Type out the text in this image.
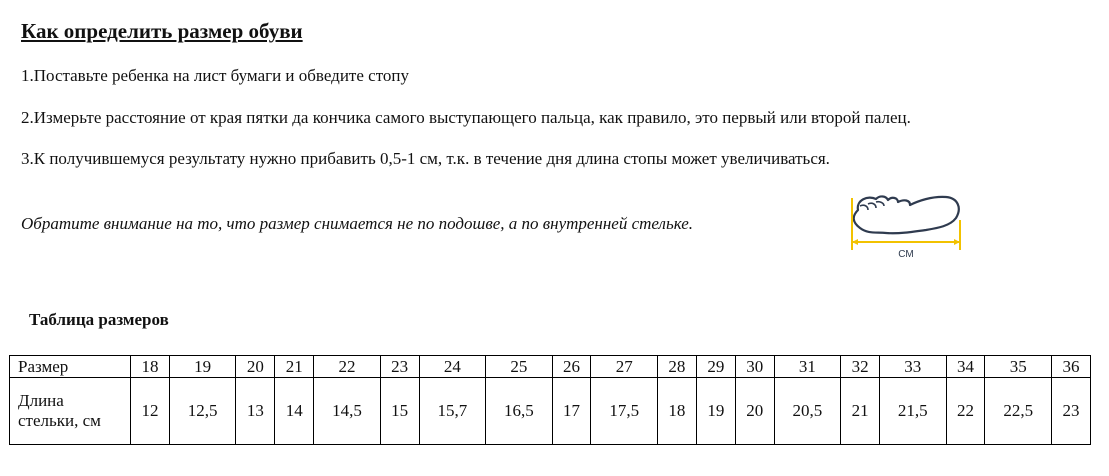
Как определить размер обуви

1.Поставьте ребенка на лист бумаги и обведите стопу

2.Измерьте расстояние от края пятки да кончика самого выступающего пальца, как правило, это первый или второй палец.

3.К получившемуся результату нужно прибавить 0,5-1 см, т.к. в течение дня длина стопы может увеличиваться.

Обратите внимание на то, что размер снимается не по подошве, а по внутренней стельке.

СМ

Таблица размеров

Размер	18	19	20	21	22	23	24	25	26	27	28	29	30	31	32	33	34	35	36
Длина
стельки, см	12	12,5	13	14	14,5	15	15,7	16,5	17	17,5	18	19	20	20,5	21	21,5	22	22,5	23
